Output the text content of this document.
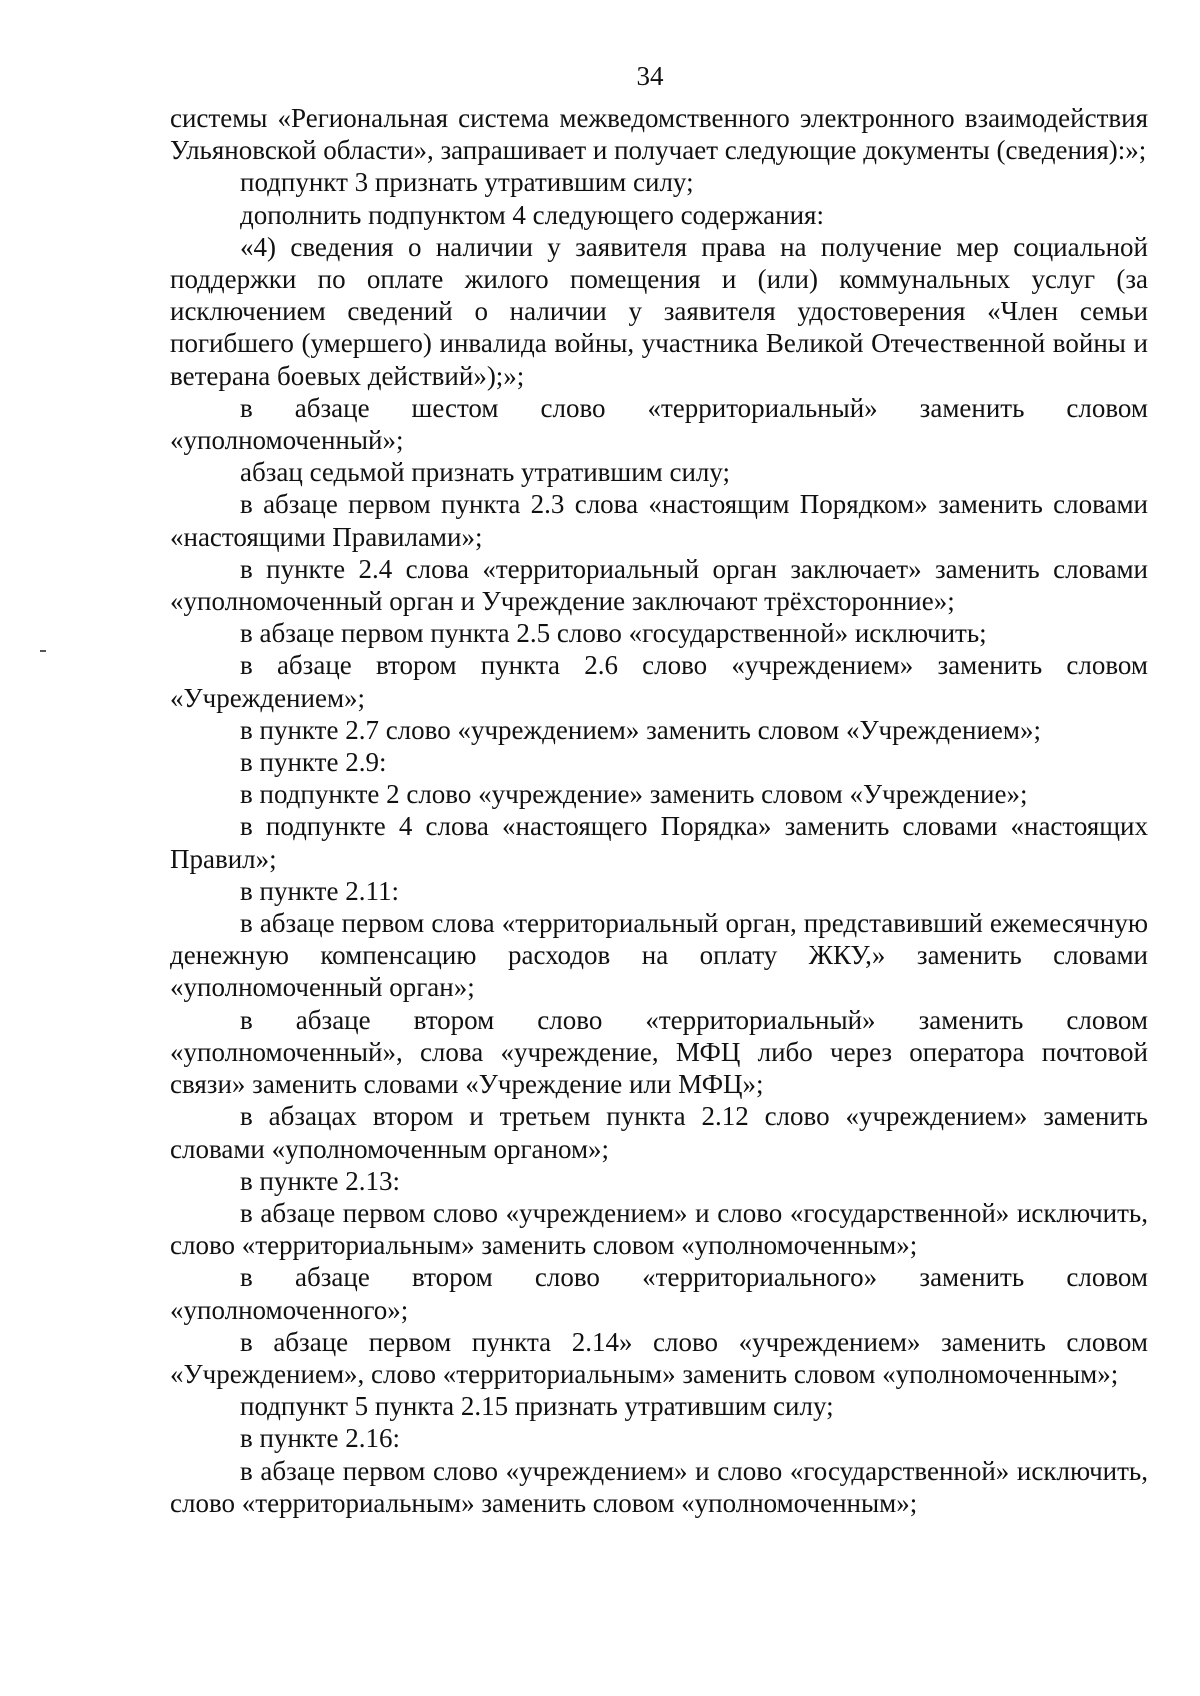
34

системы «Региональная система межведомственного электронного взаимодействия Ульяновской области», запрашивает и получает следующие документы (сведения):»;

подпункт 3 признать утратившим силу;

дополнить подпунктом 4 следующего содержания:

«4) сведения о наличии у заявителя права на получение мер социальной поддержки по оплате жилого помещения и (или) коммунальных услуг (за исключением сведений о наличии у заявителя удостоверения «Член семьи погибшего (умершего) инвалида войны, участника Великой Отечественной войны и ветерана боевых действий»);»;

в абзаце шестом слово «территориальный» заменить словом «уполномоченный»;

абзац седьмой признать утратившим силу;

в абзаце первом пункта 2.3 слова «настоящим Порядком» заменить словами «настоящими Правилами»;

в пункте 2.4 слова «территориальный орган заключает» заменить словами «уполномоченный орган и Учреждение заключают трёхсторонние»;

в абзаце первом пункта 2.5 слово «государственной» исключить;

в абзаце втором пункта 2.6 слово «учреждением» заменить словом «Учреждением»;

в пункте 2.7 слово «учреждением» заменить словом «Учреждением»;

в пункте 2.9:

в подпункте 2 слово «учреждение» заменить словом «Учреждение»;

в подпункте 4 слова «настоящего Порядка» заменить словами «настоящих Правил»;

в пункте 2.11:

в абзаце первом слова «территориальный орган, представивший ежемесячную денежную компенсацию расходов на оплату ЖКУ,» заменить словами «уполномоченный орган»;

в абзаце втором слово «территориальный» заменить словом «уполномоченный», слова «учреждение, МФЦ либо через оператора почтовой связи» заменить словами «Учреждение или МФЦ»;

в абзацах втором и третьем пункта 2.12 слово «учреждением» заменить словами «уполномоченным органом»;

в пункте 2.13:

в абзаце первом слово «учреждением» и слово «государственной» исключить, слово «территориальным» заменить словом «уполномоченным»;

в абзаце втором слово «территориального» заменить словом «уполномоченного»;

в абзаце первом пункта 2.14» слово «учреждением» заменить словом «Учреждением», слово «территориальным» заменить словом «уполномоченным»;

подпункт 5 пункта 2.15 признать утратившим силу;

в пункте 2.16:

в абзаце первом слово «учреждением» и слово «государственной» исключить, слово «территориальным» заменить словом «уполномоченным»;
